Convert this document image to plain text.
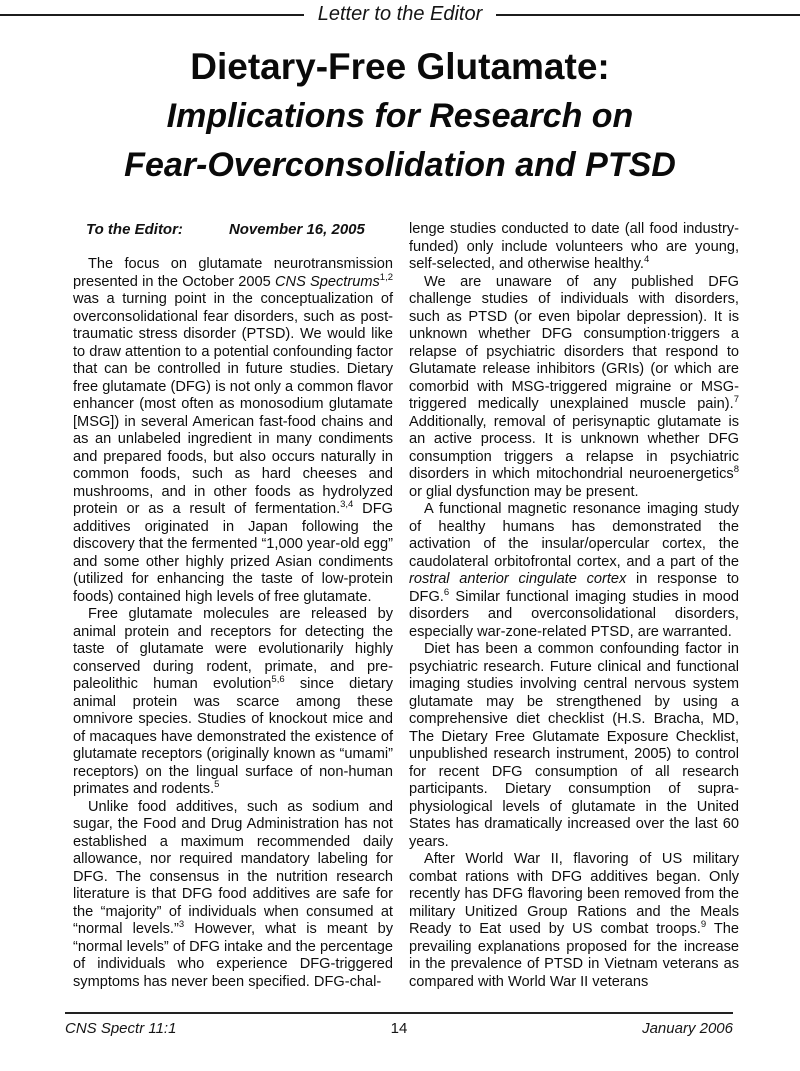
Letter to the Editor
Dietary-Free Glutamate:
Implications for Research on
Fear-Overconsolidation and PTSD
To the Editor:	November 16, 2005

The focus on glutamate neurotransmission presented in the October 2005 CNS Spectrums$^{1,2}$ was a turning point in the conceptualization of overconsolidational fear disorders, such as post-traumatic stress disorder (PTSD). We would like to draw attention to a potential confounding factor that can be controlled in future studies. Dietary free glutamate (DFG) is not only a common flavor enhancer (most often as monosodium glutamate [MSG]) in several American fast-food chains and as an unlabeled ingredient in many condiments and prepared foods, but also occurs naturally in common foods, such as hard cheeses and mushrooms, and in other foods as hydrolyzed protein or as a result of fermentation.$^{3,4}$ DFG additives originated in Japan following the discovery that the fermented “1,000 year-old egg” and some other highly prized Asian condiments (utilized for enhancing the taste of low-protein foods) contained high levels of free glutamate.

Free glutamate molecules are released by animal protein and receptors for detecting the taste of glutamate were evolutionarily highly conserved during rodent, primate, and pre-paleolithic human evolution$^{5,6}$ since dietary animal protein was scarce among these omnivore species. Studies of knockout mice and of macaques have demonstrated the existence of glutamate receptors (originally known as “umami” receptors) on the lingual surface of non-human primates and rodents.$^5$

Unlike food additives, such as sodium and sugar, the Food and Drug Administration has not established a maximum recommended daily allowance, nor required mandatory labeling for DFG. The consensus in the nutrition research literature is that DFG food additives are safe for the “majority” of individuals when consumed at “normal levels.”$^3$ However, what is meant by “normal levels” of DFG intake and the percentage of individuals who experience DFG-triggered symptoms has never been specified. DFG-chal-

lenge studies conducted to date (all food industry-funded) only include volunteers who are young, self-selected, and otherwise healthy.$^4$

We are unaware of any published DFG challenge studies of individuals with disorders, such as PTSD (or even bipolar depression). It is unknown whether DFG consumption·triggers a relapse of psychiatric disorders that respond to Glutamate release inhibitors (GRIs) (or which are comorbid with MSG-triggered migraine or MSG-triggered medically unexplained muscle pain).$^7$ Additionally, removal of perisynaptic glutamate is an active process. It is unknown whether DFG consumption triggers a relapse in psychiatric disorders in which mitochondrial neuroenergetics$^8$ or glial dysfunction may be present.

A functional magnetic resonance imaging study of healthy humans has demonstrated the activation of the insular/opercular cortex, the caudolateral orbitofrontal cortex, and a part of the rostral anterior cingulate cortex in response to DFG.$^6$ Similar functional imaging studies in mood disorders and overconsolidational disorders, especially war-zone-related PTSD, are warranted.

Diet has been a common confounding factor in psychiatric research. Future clinical and functional imaging studies involving central nervous system glutamate may be strengthened by using a comprehensive diet checklist (H.S. Bracha, MD, The Dietary Free Glutamate Exposure Checklist, unpublished research instrument, 2005) to control for recent DFG consumption of all research participants. Dietary consumption of supra-physiological levels of glutamate in the United States has dramatically increased over the last 60 years.

After World War II, flavoring of US military combat rations with DFG additives began. Only recently has DFG flavoring been removed from the military Unitized Group Rations and the Meals Ready to Eat used by US combat troops.$^9$ The prevailing explanations proposed for the increase in the prevalence of PTSD in Vietnam veterans as compared with World War II veterans

CNS Spectr 11:1	14	January 2006
